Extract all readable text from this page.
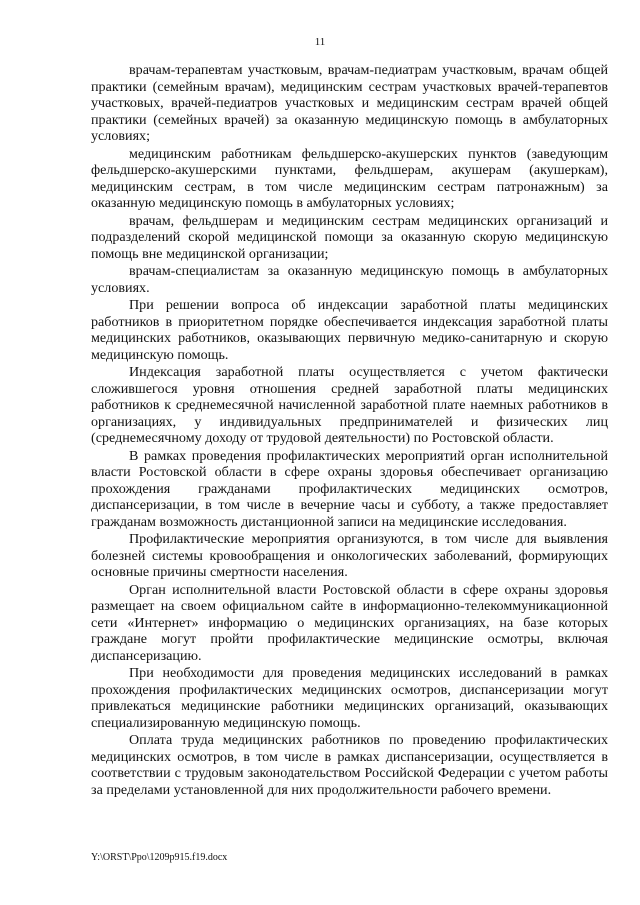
11

врачам-терапевтам участковым, врачам-педиатрам участковым, врачам общей практики (семейным врачам), медицинским сестрам участковых врачей-терапевтов участковых, врачей-педиатров участковых и медицинским сестрам врачей общей практики (семейных врачей) за оказанную медицинскую помощь в амбулаторных условиях;

медицинским работникам фельдшерско-акушерских пунктов (заведующим фельдшерско-акушерскими пунктами, фельдшерам, акушерам (акушеркам), медицинским сестрам, в том числе медицинским сестрам патронажным) за оказанную медицинскую помощь в амбулаторных условиях;

врачам, фельдшерам и медицинским сестрам медицинских организаций и подразделений скорой медицинской помощи за оказанную скорую медицинскую помощь вне медицинской организации;

врачам-специалистам за оказанную медицинскую помощь в амбулаторных условиях.

При решении вопроса об индексации заработной платы медицинских работников в приоритетном порядке обеспечивается индексация заработной платы медицинских работников, оказывающих первичную медико-санитарную и скорую медицинскую помощь.

Индексация заработной платы осуществляется с учетом фактически сложившегося уровня отношения средней заработной платы медицинских работников к среднемесячной начисленной заработной плате наемных работников в организациях, у индивидуальных предпринимателей и физических лиц (среднемесячному доходу от трудовой деятельности) по Ростовской области.

В рамках проведения профилактических мероприятий орган исполнительной власти Ростовской области в сфере охраны здоровья обеспечивает организацию прохождения гражданами профилактических медицинских осмотров, диспансеризации, в том числе в вечерние часы и субботу, а также предоставляет гражданам возможность дистанционной записи на медицинские исследования.

Профилактические мероприятия организуются, в том числе для выявления болезней системы кровообращения и онкологических заболеваний, формирующих основные причины смертности населения.

Орган исполнительной власти Ростовской области в сфере охраны здоровья размещает на своем официальном сайте в информационно-телекоммуникационной сети «Интернет» информацию о медицинских организациях, на базе которых граждане могут пройти профилактические медицинские осмотры, включая диспансеризацию.

При необходимости для проведения медицинских исследований в рамках прохождения профилактических медицинских осмотров, диспансеризации могут привлекаться медицинские работники медицинских организаций, оказывающих специализированную медицинскую помощь.

Оплата труда медицинских работников по проведению профилактических медицинских осмотров, в том числе в рамках диспансеризации, осуществляется в соответствии с трудовым законодательством Российской Федерации с учетом работы за пределами установленной для них продолжительности рабочего времени.

Y:\ORST\Ppo\1209p915.f19.docx
